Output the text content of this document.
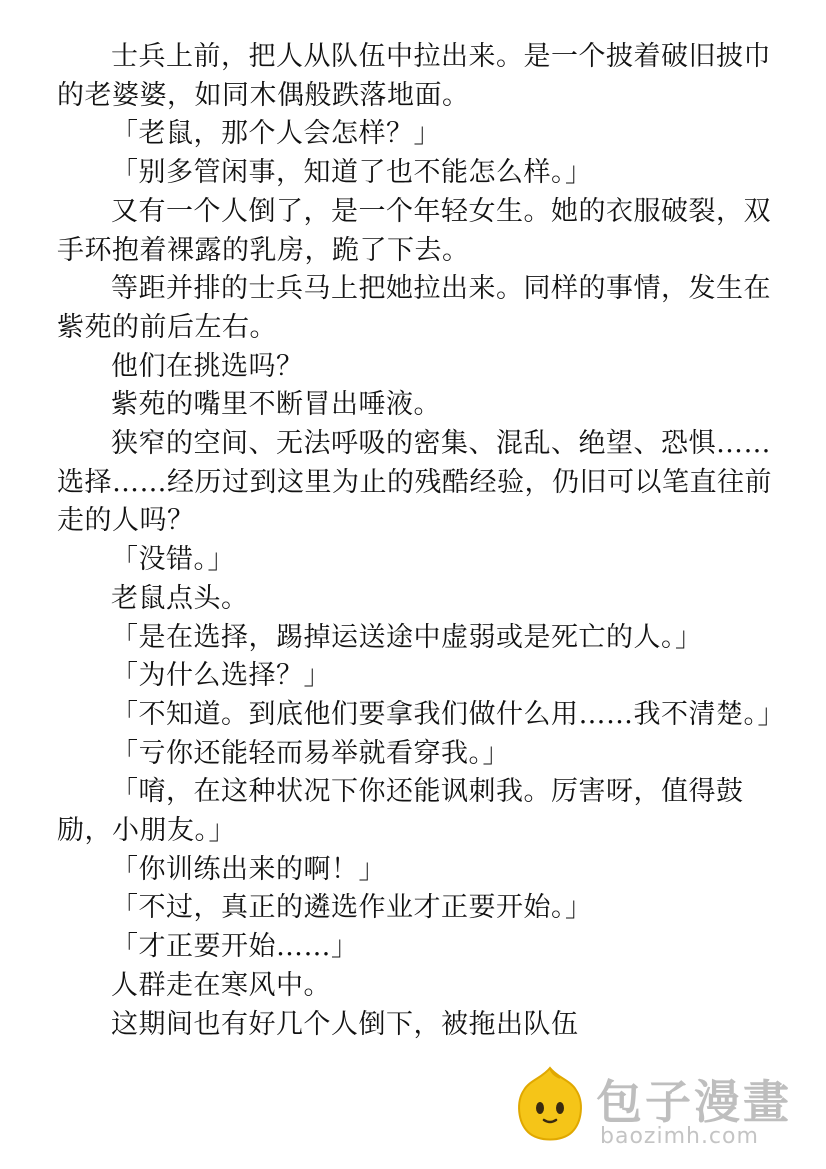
士兵上前，把人从队伍中拉出来。是一个披着破旧披巾的老婆婆，如同木偶般跌落地面。

「老鼠，那个人会怎样？」

「别多管闲事，知道了也不能怎么样。」

又有一个人倒了，是一个年轻女生。她的衣服破裂，双手环抱着裸露的乳房，跪了下去。

等距并排的士兵马上把她拉出来。同样的事情，发生在紫苑的前后左右。

他们在挑选吗？

紫苑的嘴里不断冒出唾液。

狭窄的空间、无法呼吸的密集、混乱、绝望、恐惧……选择……经历过到这里为止的残酷经验，仍旧可以笔直往前走的人吗？

「没错。」

老鼠点头。

「是在选择，踢掉运送途中虚弱或是死亡的人。」

「为什么选择？」

「不知道。到底他们要拿我们做什么用……我不清楚。」

「亏你还能轻而易举就看穿我。」

「唷，在这种状况下你还能讽刺我。厉害呀，值得鼓励，小朋友。」

「你训练出来的啊！」

「不过，真正的遴选作业才正要开始。」

「才正要开始……」

人群走在寒风中。

这期间也有好几个人倒下，被拖出队伍

包子漫畫
baozimh.com
